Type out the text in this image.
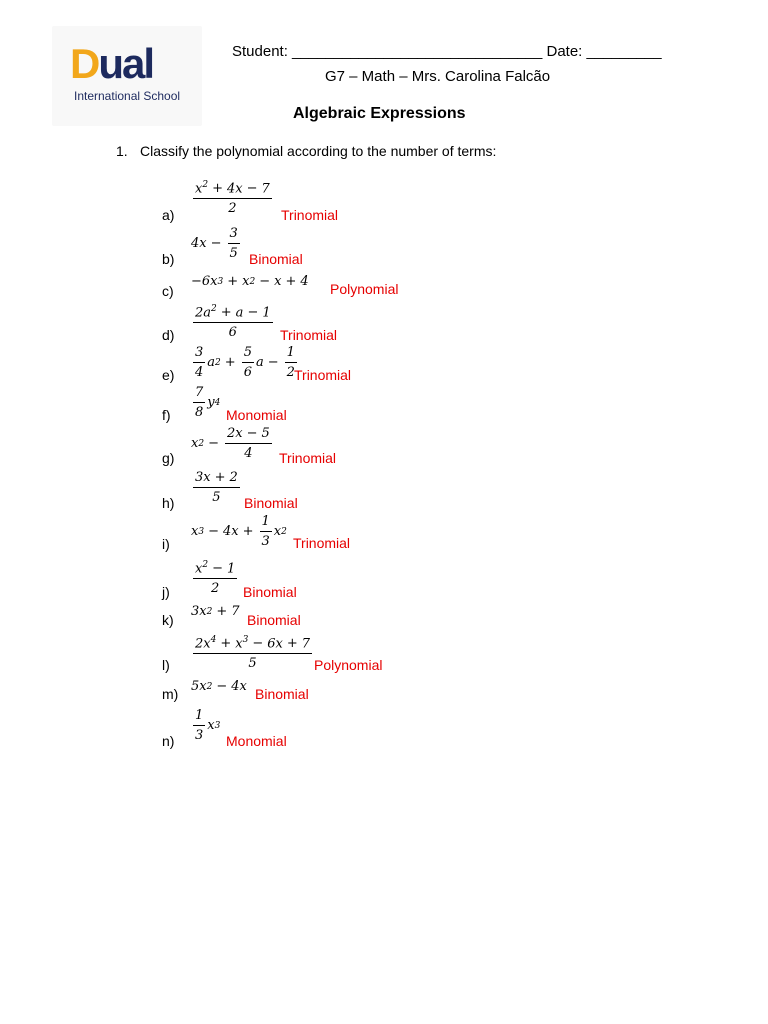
Dual
International School
Student: ______________________________ Date: _________
G7 – Math – Mrs. Carolina Falcão
Algebraic Expressions
1. Classify the polynomial according to the number of terms:
$a) \frac{x^2 + 4x - 7}{2}$ Trinomial
b)
$4x - \frac{3}{5}$ Binomial
c)
−6x 3 + x 2 − x + 4 Polynomial
$d) \frac{2a^2 + a - 1}{6}$ Trinomial
$e) \frac{3}{4}$ a $2 + \frac{5}{6}$ $a - \frac{1}{2}$
Trinomial
$f) \frac{7}{8}$ y 4
Monomial
g)
x $2 - \frac{2x - 5}{4}$ Trinomial
$h) \frac{3x + 2}{5}$ Binomial
i)
x $3 - 4x + \frac{1}{3}$ x 2
Trinomial
$j) \frac{x^2 - 1}{2}$ Binomial
k)
3x 2 + 7
Binomial
$l) \frac{2x^4 + x^3 - 6x + 7}{5}$ Polynomial
m) 5x 2 − 4x Binomial
$n) \frac{1}{3}$ x 3
Monomial
